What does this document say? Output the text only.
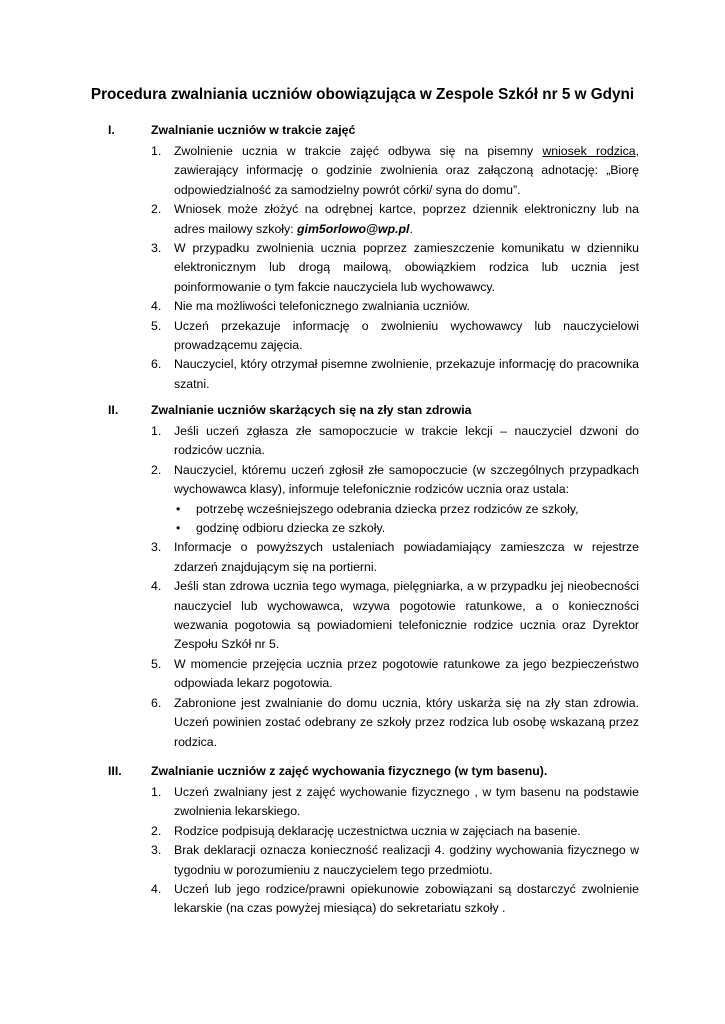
Procedura zwalniania uczniów obowiązująca w Zespole Szkół nr 5 w Gdyni
I.	Zwalnianie uczniów w trakcie zajęć
1. Zwolnienie ucznia w trakcie zajęć odbywa się na pisemny wniosek rodzica, zawierający informację o godzinie zwolnienia oraz załączoną adnotację: „Biorę odpowiedzialność za samodzielny powrót córki/ syna do domu”.
2. Wniosek może złożyć na odrębnej kartce, poprzez dziennik elektroniczny lub na adres mailowy szkoły: gim5orlowo@wp.pl.
3. W przypadku zwolnienia ucznia poprzez zamieszczenie komunikatu w dzienniku elektronicznym lub drogą mailową, obowiązkiem rodzica lub ucznia jest poinformowanie o tym fakcie nauczyciela lub wychowawcy.
4. Nie ma możliwości telefonicznego zwalniania uczniów.
5. Uczeń przekazuje informację o zwolnieniu wychowawcy lub nauczycielowi prowadzącemu zajęcia.
6. Nauczyciel, który otrzymał pisemne zwolnienie, przekazuje informację do pracownika szatni.
II.	Zwalnianie uczniów skarżących się na zły stan zdrowia
1. Jeśli uczeń zgłasza złe samopoczucie w trakcie lekcji – nauczyciel dzwoni do rodziców ucznia.
2. Nauczyciel, któremu uczeń zgłosił złe samopoczucie (w szczególnych przypadkach wychowawca klasy), informuje telefonicznie rodziców ucznia oraz ustala:
• potrzebę wcześniejszego odebrania dziecka przez rodziców ze szkoły,
• godzinę odbioru dziecka ze szkoły.
3. Informacje o powyższych ustaleniach powiadamiający zamieszcza w rejestrze zdarzeń znajdującym się na portierni.
4. Jeśli stan zdrowa ucznia tego wymaga, pielęgniarka, a w przypadku jej nieobecności nauczyciel lub wychowawca, wzywa pogotowie ratunkowe, a o konieczności wezwania pogotowia są powiadomieni telefonicznie rodzice ucznia oraz Dyrektor Zespołu Szkół nr 5.
5. W momencie przejęcia ucznia przez pogotowie ratunkowe za jego bezpieczeństwo odpowiada lekarz pogotowia.
6. Zabronione jest zwalnianie do domu ucznia, który uskarża się na zły stan zdrowia. Uczeń powinien zostać odebrany ze szkoły przez rodzica lub osobę wskazaną przez rodzica.
III. Zwalnianie uczniów z zajęć wychowania fizycznego (w tym basenu).
1. Uczeń zwalniany jest z zajęć wychowanie fizycznego , w tym basenu na podstawie zwolnienia lekarskiego.
2. Rodzice podpisują deklarację uczestnictwa ucznia w zajęciach na basenie.
3. Brak deklaracji oznacza konieczność realizacji 4. godziny wychowania fizycznego w tygodniu w porozumieniu z nauczycielem tego przedmiotu.
4. Uczeń lub jego rodzice/prawni opiekunowie zobowiązani są dostarczyć zwolnienie lekarskie (na czas powyżej miesiąca) do sekretariatu szkoły .
